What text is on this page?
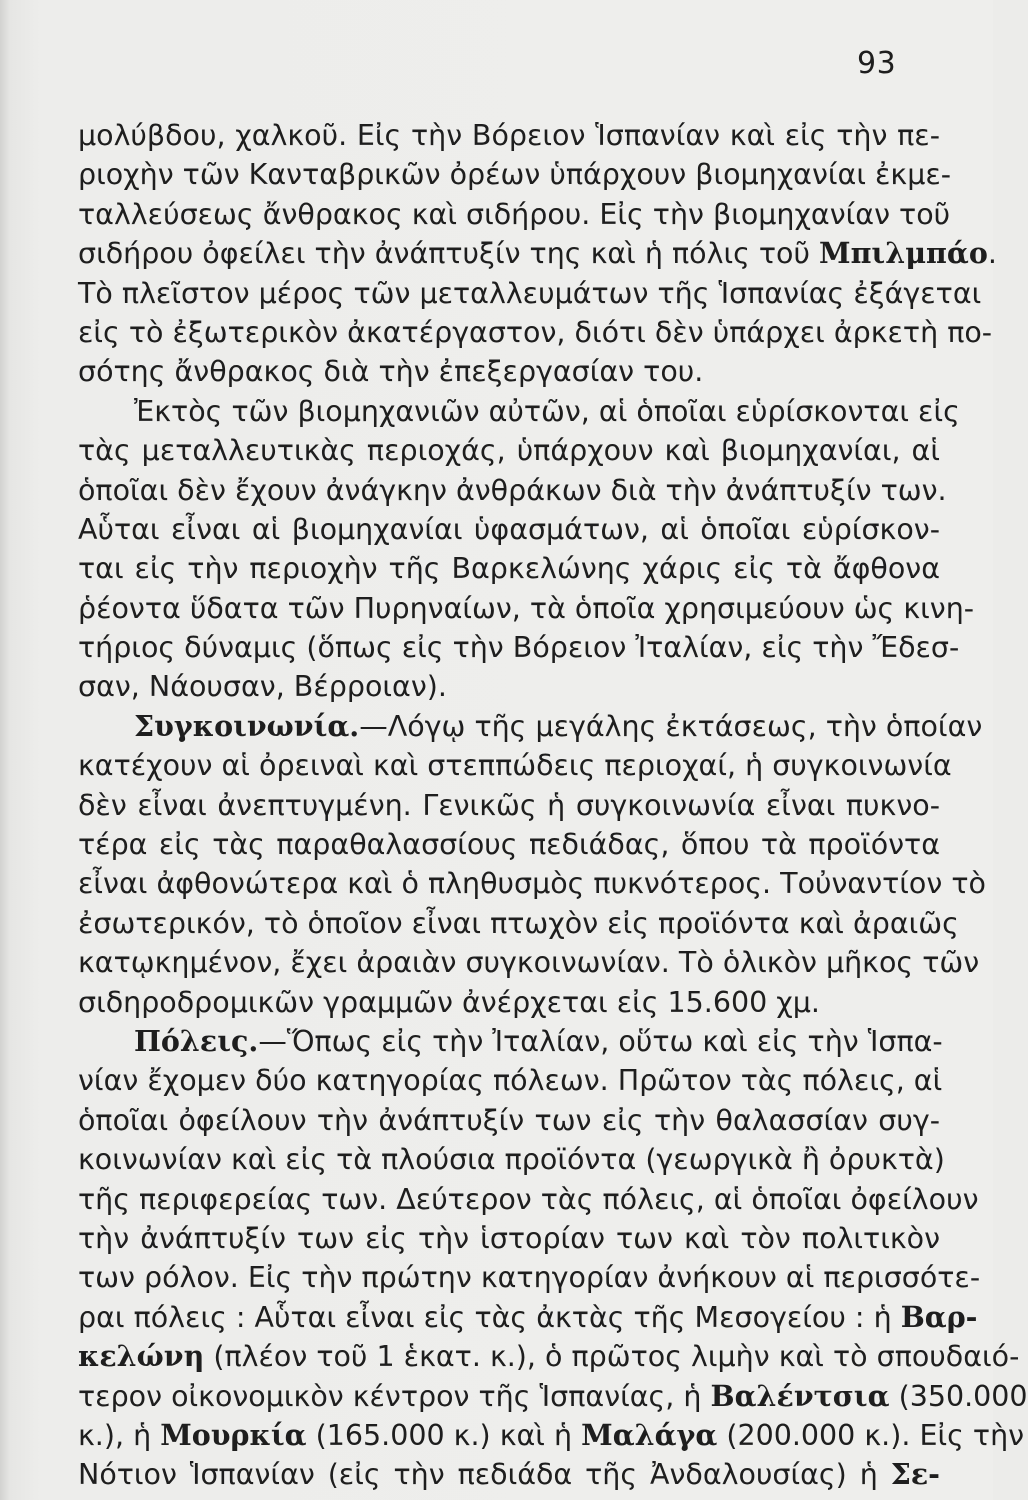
93
μολύβδου, χαλκοῦ. Εἰς τὴν Βόρειον Ἱσπανίαν καὶ εἰς τὴν πε-
ριοχὴν τῶν Κανταβρικῶν ὀρέων ὑπάρχουν βιομηχανίαι ἐκμε-
ταλλεύσεως ἄνθρακος καὶ σιδήρου. Εἰς τὴν βιομηχανίαν τοῦ
σιδήρου ὀφείλει τὴν ἀνάπτυξίν της καὶ ἡ πόλις τοῦ Μπιλμπάο.
Τὸ πλεῖστον μέρος τῶν μεταλλευμάτων τῆς Ἱσπανίας ἐξάγεται
εἰς τὸ ἐξωτερικὸν ἀκατέργαστον, διότι δὲν ὑπάρχει ἀρκετὴ πο-
σότης ἄνθρακος διὰ τὴν ἐπεξεργασίαν του.
Ἐκτὸς τῶν βιομηχανιῶν αὐτῶν, αἱ ὁποῖαι εὑρίσκονται εἰς
τὰς μεταλλευτικὰς περιοχάς, ὑπάρχουν καὶ βιομηχανίαι, αἱ
ὁποῖαι δὲν ἔχουν ἀνάγκην ἀνθράκων διὰ τὴν ἀνάπτυξίν των.
Αὗται εἶναι αἱ βιομηχανίαι ὑφασμάτων, αἱ ὁποῖαι εὑρίσκον-
ται εἰς τὴν περιοχὴν τῆς Βαρκελώνης χάρις εἰς τὰ ἄφθονα
ῥέοντα ὕδατα τῶν Πυρηναίων, τὰ ὁποῖα χρησιμεύουν ὡς κινη-
τήριος δύναμις (ὅπως εἰς τὴν Βόρειον Ἰταλίαν, εἰς τὴν Ἔδεσ-
σαν, Νάουσαν, Βέρροιαν).
Συγκοινωνία.—Λόγῳ τῆς μεγάλης ἐκτάσεως, τὴν ὁποίαν
κατέχουν αἱ ὀρειναὶ καὶ στεππώδεις περιοχαί, ἡ συγκοινωνία
δὲν εἶναι ἀνεπτυγμένη. Γενικῶς ἡ συγκοινωνία εἶναι πυκνο-
τέρα εἰς τὰς παραθαλασσίους πεδιάδας, ὅπου τὰ προϊόντα
εἶναι ἀφθονώτερα καὶ ὁ πληθυσμὸς πυκνότερος. Τοὐναντίον τὸ
ἐσωτερικόν, τὸ ὁποῖον εἶναι πτωχὸν εἰς προϊόντα καὶ ἀραιῶς
κατῳκημένον, ἔχει ἀραιὰν συγκοινωνίαν. Τὸ ὁλικὸν μῆκος τῶν
σιδηροδρομικῶν γραμμῶν ἀνέρχεται εἰς 15.600 χμ.
Πόλεις.—Ὅπως εἰς τὴν Ἰταλίαν, οὕτω καὶ εἰς τὴν Ἱσπα-
νίαν ἔχομεν δύο κατηγορίας πόλεων. Πρῶτον τὰς πόλεις, αἱ
ὁποῖαι ὀφείλουν τὴν ἀνάπτυξίν των εἰς τὴν θαλασσίαν συγ-
κοινωνίαν καὶ εἰς τὰ πλούσια προϊόντα (γεωργικὰ ἢ ὀρυκτὰ)
τῆς περιφερείας των. Δεύτερον τὰς πόλεις, αἱ ὁποῖαι ὀφείλουν
τὴν ἀνάπτυξίν των εἰς τὴν ἱστορίαν των καὶ τὸν πολιτικὸν
των ρόλον. Εἰς τὴν πρώτην κατηγορίαν ἀνήκουν αἱ περισσότε-
ραι πόλεις : Αὗται εἶναι εἰς τὰς ἀκτὰς τῆς Μεσογείου : ἡ Βαρ-
κελώνη (πλέον τοῦ 1 ἑκατ. κ.), ὁ πρῶτος λιμὴν καὶ τὸ σπουδαιό-
τερον οἰκονομικὸν κέντρον τῆς Ἱσπανίας, ἡ Βαλέντσια (350.000
κ.), ἡ Μουρκία (165.000 κ.) καὶ ἡ Μαλάγα (200.000 κ.). Εἰς τὴν
Νότιον Ἱσπανίαν (εἰς τὴν πεδιάδα τῆς Ἀνδαλουσίας) ἡ Σε-
